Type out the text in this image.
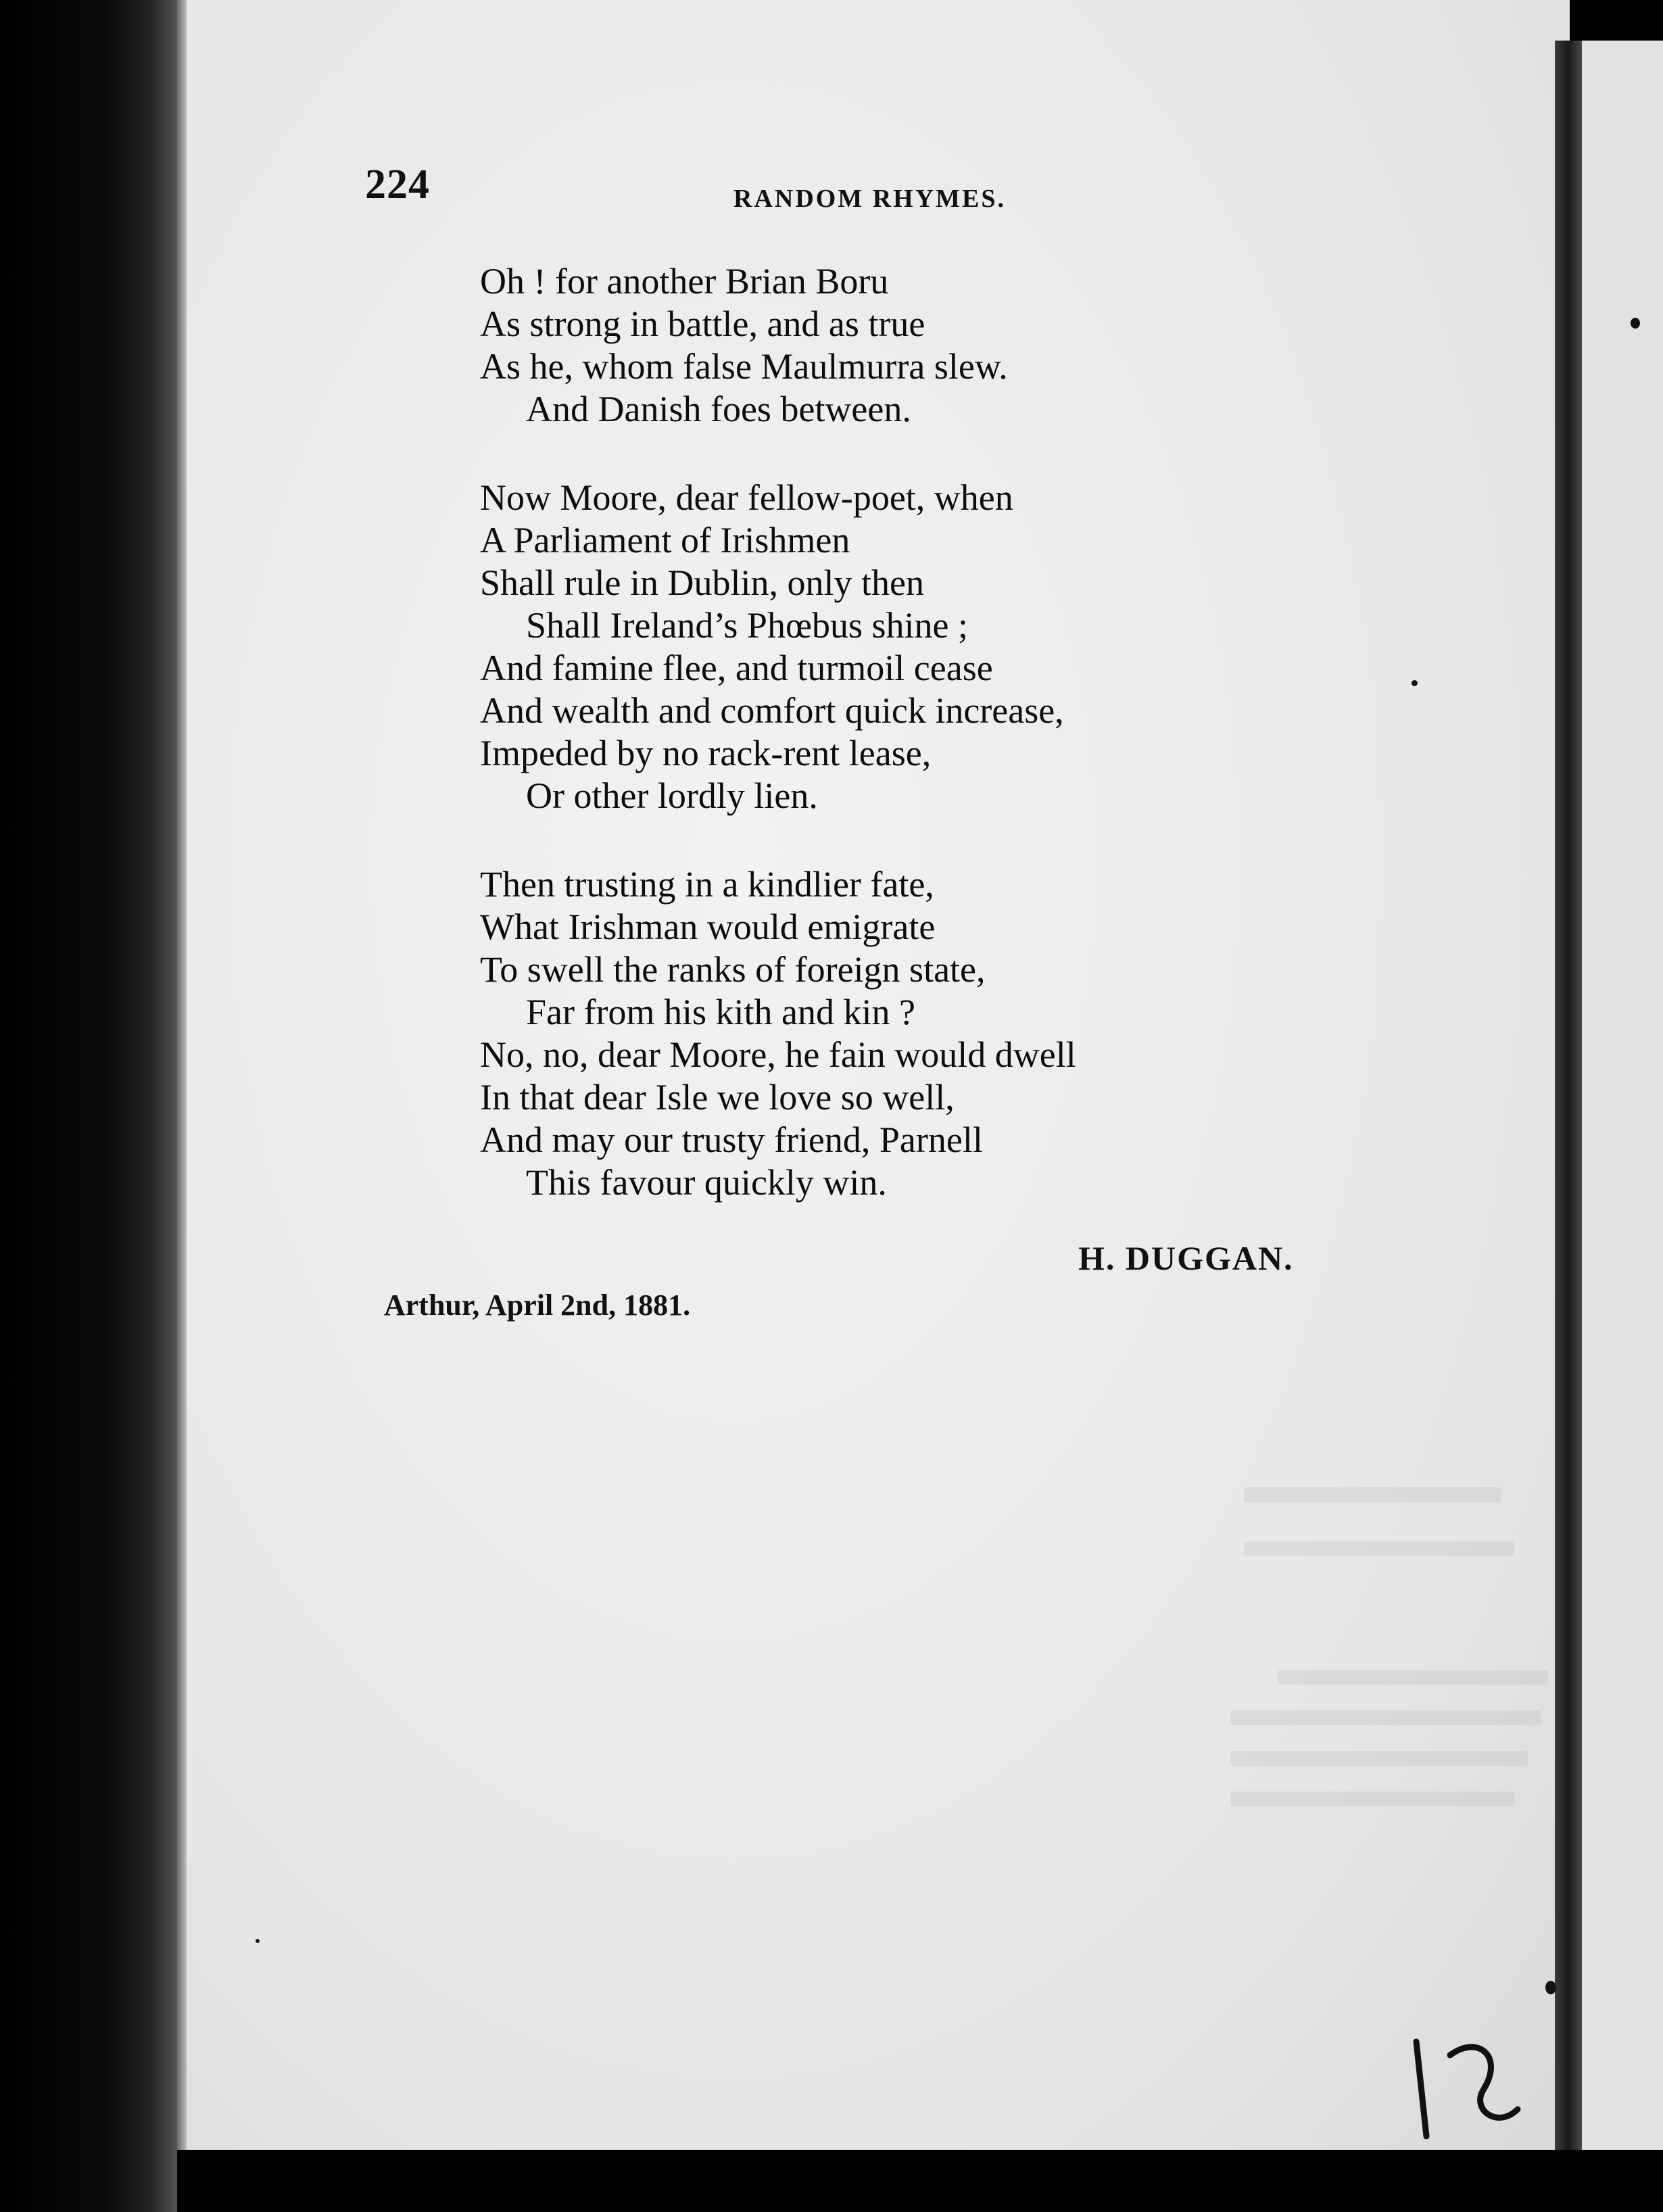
224	RANDOM RHYMES.
Oh ! for another Brian Boru
As strong in battle, and as true
As he, whom false Maulmurra slew.
And Danish foes between.
Now Moore, dear fellow-poet, when
A Parliament of Irishmen
Shall rule in Dublin, only then
Shall Ireland’s Phœbus shine ;
And famine flee, and turmoil cease
And wealth and comfort quick increase,
Impeded by no rack-rent lease,
Or other lordly lien.
Then trusting in a kindlier fate,
What Irishman would emigrate
To swell the ranks of foreign state,
Far from his kith and kin ?
No, no, dear Moore, he fain would dwell
In that dear Isle we love so well,
And may our trusty friend, Parnell
This favour quickly win.
H. DUGGAN.
Arthur, April 2nd, 1881.
